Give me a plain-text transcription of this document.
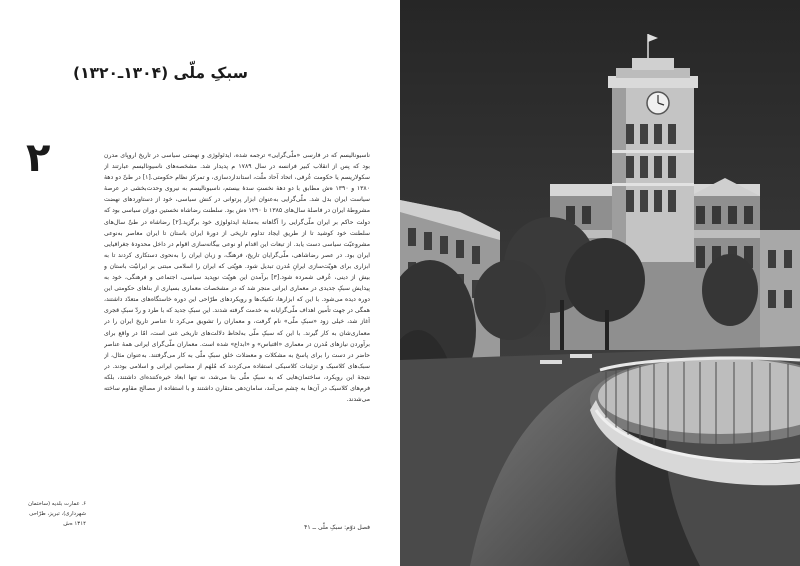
سبکِ ملّی (۱۳۰۴ـ۱۳۲۰)
۲	ناسیونالیسم که در فارسی «ملّی‌گرایی» ترجمه شده، ایدئولوژی و نهضتی سیاسی در تاریخ اروپای مدرن بود که پس از انقلاب کبیر فرانسه در سال ۱۷۸۹ م پدیدار شد. مشخصه‌های ناسیونالیسم عبارتند از سکولاریسم یا حکومت عُرفی، اتحاد آحاد ملّت، استانداردسازی، و تمرکز نظام حکومتی.[۱] در طیِّ دو دههٔ ۱۳۸۰ و ۱۳۹۰ ه‌ش مطابق با دو دههٔ نخستِ سدهٔ بیستم، ناسیونالیسم به نیروی وحدت‌بخشی در عرصهٔ سیاست ایران بدل شد. ملّی‌گرایی به‌عنوان ابزار پرتوانی در کنش سیاسی، خود از دستاوردهای نهضت مشروطهٔ ایران در فاصلهٔ سال‌های ۱۳۸۵ تا ۱۲۹۰ ه‌ش بود. سلطنت رضاشاه نخستین دوران سیاسی بود که دولت حاکم بر ایران ملّی‌گرایی را آگاهانه به‌مثابهٔ ایدئولوژی خود برگزید.[۲] رضاشاه در طیِّ سال‌های سلطنت خود کوشید تا از طریق ایجاد تداوم تاریخی از دورهٔ ایران باستان تا ایران معاصر به‌نوعی مشروعیّت سیاسی دست یابد. از تبعات این اقدام او نوعی بیگانه‌سازی اقوام در داخل محدودهٔ جغرافیایی ایران بود. در عصر رضاشاهی، ملّی‌گرایان تاریخ، فرهنگ، و زبان ایران را به‌نحوی دستکاری کردند تا به ابزاری برای هویّت‌سازی ایرانِ مُدرن تبدیل شود. هویّتی که ایران را اسلامی مبتنی بر ایرانیّت باستان و بیش از دینی، عُرفی شمرده شود.[۳] برآمدن این هویّت نوپدید سیاسی، اجتماعی و فرهنگی، خود به پیدایش سبکِ جدیدی در معماری ایرانی منجر شد که در مشخصات معماری بسیاری از بناهای حکومتی این دوره دیده می‌شود. با این که ابزارها، تکنیک‌ها و رویکردهای طرّاحی این دوره خاستگاه‌های متعدّد داشتند، همگی در جهت تأمین اهداف ملّی‌گرایانه به خدمت گرفته شدند. این سبکِ جدید که با طرد و ردّ سبکِ قجری آغاز شد، خیلی زود «سبکِ ملّی» نام گرفت، و معماران را تشویق می‌کرد تا عناصر تاریخ ایران را در معماری‌شان به کار گیرند. با این که سبکِ ملّی به‌لحاظ دلالت‌های تاریخی غنی است، امّا در واقع برای برآوردن نیازهای مُدرن در معماری «اقتباس» و «ابداع» شده است. معماران ملّی‌گرای ایرانی همهٔ عناصر حاضر در دست را برای پاسخ به مشکلات و معضلات خلق سبکِ ملّی به کار می‌گرفتند. به‌عنوان مثال، از سبک‌های کلاسیک و تزئینات کلاسیکی استفاده می‌کردند که مُلهَم از مضامین ایرانی و اسلامی بودند. در نتیجهٔ این رویکرد، ساختمان‌هایی که به سبکِ ملّی بنا می‌شد، نه تنها ابعاد خیره‌کننده‌ای داشتند، بلکه فرم‌های کلاسیک در آن‌ها به چشم می‌آمد، سامان‌دهی متقارن داشتند و با استفاده از مصالح مقاوم ساخته می‌شدند.

۶. عمارت بلدیه (ساختمان
شهرداری)، تبریز، طرّاحی
۱۳۱۴ ه‌ش	فصل دوّم: سبکِ ملّی ــ ۴۱
